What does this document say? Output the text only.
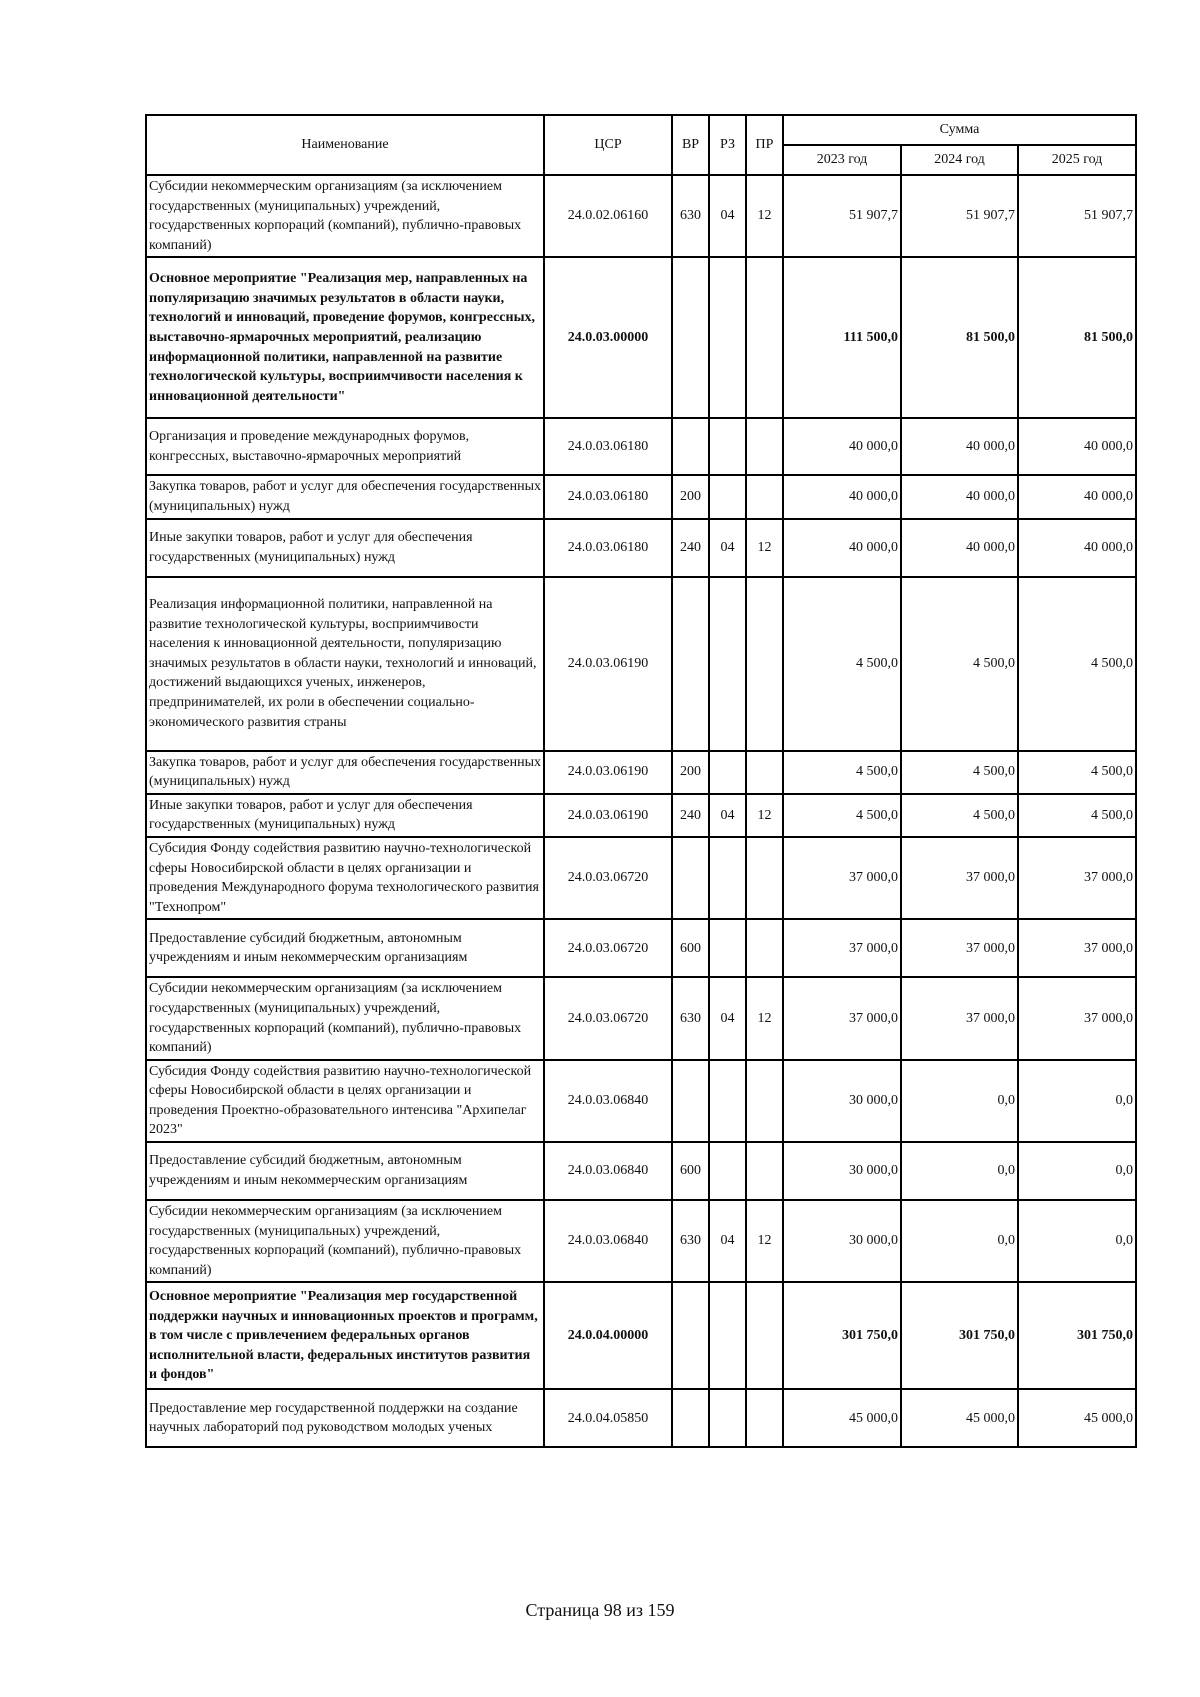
Наименование	ЦСР	ВР	РЗ	ПР	Сумма		
					2023 год	2024 год	2025 год
Субсидии некоммерческим организациям (за исключением государственных (муниципальных) учреждений, государственных корпораций (компаний), публично-правовых компаний)	24.0.02.06160	630	04	12	51 907,7	51 907,7	51 907,7
Основное мероприятие "Реализация мер, направленных на популяризацию значимых результатов в области науки, технологий и инноваций, проведение форумов, конгрессных, выставочно-ярмарочных мероприятий, реализацию информационной политики, направленной на развитие технологической культуры, восприимчивости населения к инновационной деятельности"	24.0.03.00000				111 500,0	81 500,0	81 500,0
Организация и проведение международных форумов, конгрессных, выставочно-ярмарочных мероприятий	24.0.03.06180				40 000,0	40 000,0	40 000,0
Закупка товаров, работ и услуг для обеспечения государственных (муниципальных) нужд	24.0.03.06180	200			40 000,0	40 000,0	40 000,0
Иные закупки товаров, работ и услуг для обеспечения государственных (муниципальных) нужд	24.0.03.06180	240	04	12	40 000,0	40 000,0	40 000,0
Реализация информационной политики, направленной на развитие технологической культуры, восприимчивости населения к инновационной деятельности, популяризацию значимых результатов в области науки, технологий и инноваций, достижений выдающихся ученых, инженеров, предпринимателей, их роли в обеспечении социально-экономического развития страны	24.0.03.06190				4 500,0	4 500,0	4 500,0
Закупка товаров, работ и услуг для обеспечения государственных (муниципальных) нужд	24.0.03.06190	200			4 500,0	4 500,0	4 500,0
Иные закупки товаров, работ и услуг для обеспечения государственных (муниципальных) нужд	24.0.03.06190	240	04	12	4 500,0	4 500,0	4 500,0
Субсидия Фонду содействия развитию научно-технологической сферы Новосибирской области в целях организации и проведения Международного форума технологического развития "Технопром"	24.0.03.06720				37 000,0	37 000,0	37 000,0
Предоставление субсидий бюджетным, автономным учреждениям и иным некоммерческим организациям	24.0.03.06720	600			37 000,0	37 000,0	37 000,0
Субсидии некоммерческим организациям (за исключением государственных (муниципальных) учреждений, государственных корпораций (компаний), публично-правовых компаний)	24.0.03.06720	630	04	12	37 000,0	37 000,0	37 000,0
Субсидия Фонду содействия развитию научно-технологической сферы Новосибирской области в целях организации и проведения Проектно-образовательного интенсива "Архипелаг 2023"	24.0.03.06840				30 000,0	0,0	0,0
Предоставление субсидий бюджетным, автономным учреждениям и иным некоммерческим организациям	24.0.03.06840	600			30 000,0	0,0	0,0
Субсидии некоммерческим организациям (за исключением государственных (муниципальных) учреждений, государственных корпораций (компаний), публично-правовых компаний)	24.0.03.06840	630	04	12	30 000,0	0,0	0,0
Основное мероприятие "Реализация мер государственной поддержки научных и инновационных проектов и программ, в том числе с привлечением федеральных органов исполнительной власти, федеральных институтов развития и фондов"	24.0.04.00000				301 750,0	301 750,0	301 750,0
Предоставление мер государственной поддержки на создание научных лабораторий под руководством молодых ученых	24.0.04.05850				45 000,0	45 000,0	45 000,0
Страница 98 из 159
